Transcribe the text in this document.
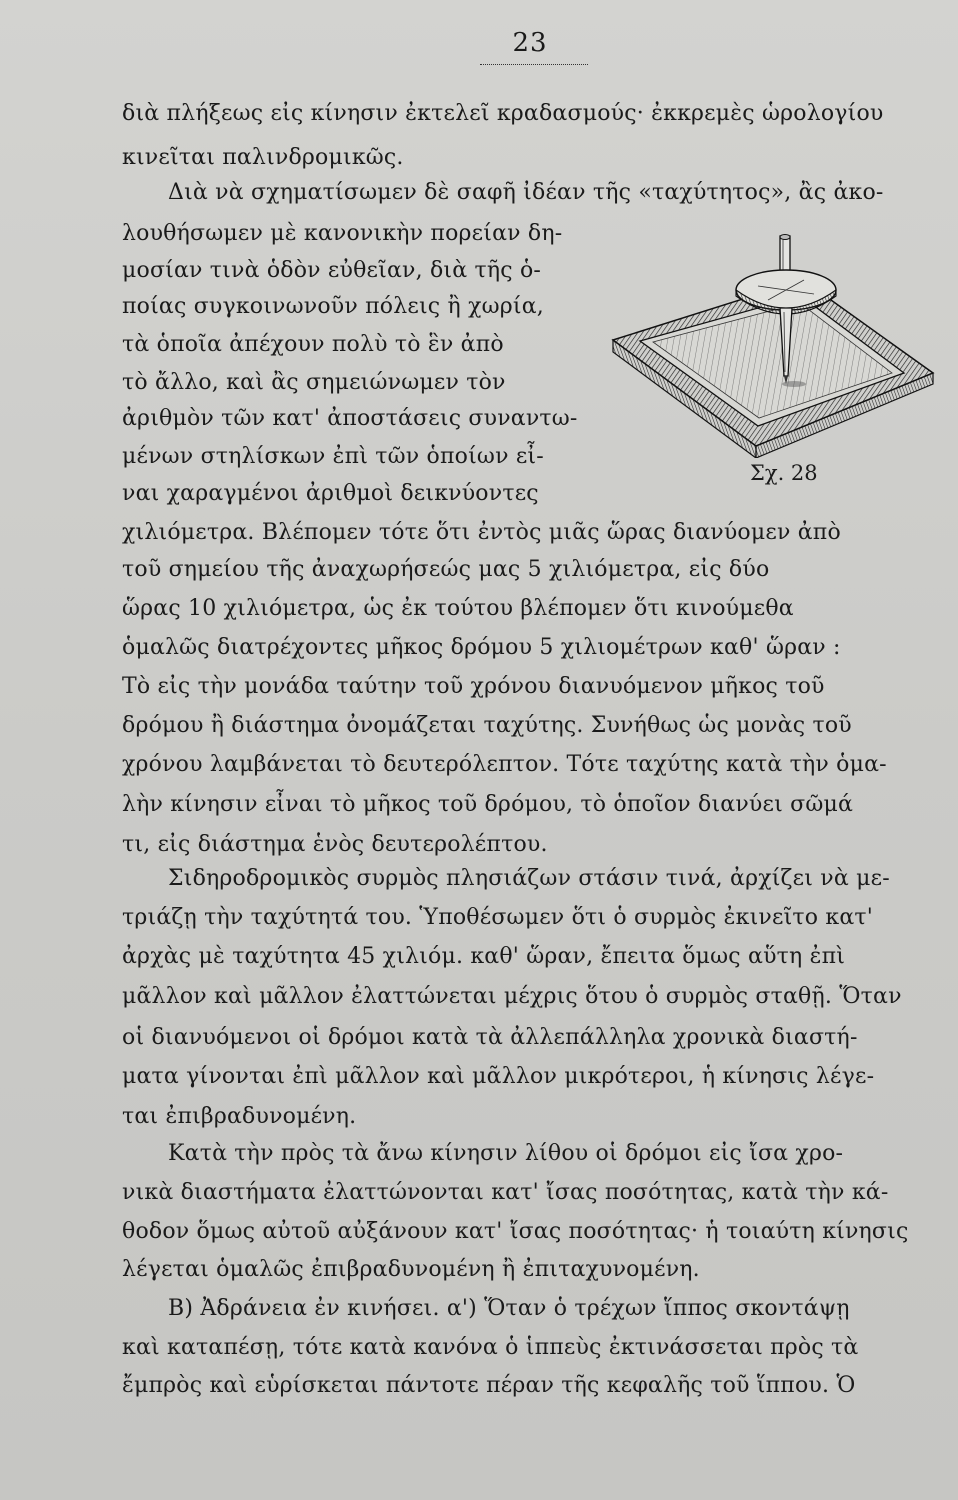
23
Σχ. 28
διὰ πλήξεως εἰς κίνησιν ἐκτελεῖ κραδασμούς· ἐκκρεμὲς ὡρολογίου
κινεῖται παλινδρομικῶς.
Διὰ νὰ σχηματίσωμεν δὲ σαφῆ ἰδέαν τῆς «ταχύτητος», ἂς ἀκο-
λουθήσωμεν μὲ κανονικὴν πορείαν δη-
μοσίαν τινὰ ὁδὸν εὐθεῖαν, διὰ τῆς ὁ-
ποίας συγκοινωνοῦν πόλεις ἢ χωρία,
τὰ ὁποῖα ἀπέχουν πολὺ τὸ ἓν ἀπὸ
τὸ ἄλλο, καὶ ἂς σημειώνωμεν τὸν
ἀριθμὸν τῶν κατ' ἀποστάσεις συναντω-
μένων στηλίσκων ἐπὶ τῶν ὁποίων εἶ-
ναι χαραγμένοι ἀριθμοὶ δεικνύοντες
χιλιόμετρα. Βλέπομεν τότε ὅτι ἐντὸς μιᾶς ὥρας διανύομεν ἀπὸ
τοῦ σημείου τῆς ἀναχωρήσεώς μας 5 χιλιόμετρα, εἰς δύο
ὥρας 10 χιλιόμετρα, ὡς ἐκ τούτου βλέπομεν ὅτι κινούμεθα
ὁμαλῶς διατρέχοντες μῆκος δρόμου 5 χιλιομέτρων καθ' ὥραν :
Τὸ εἰς τὴν μονάδα ταύτην τοῦ χρόνου διανυόμενον μῆκος τοῦ
δρόμου ἢ διάστημα ὀνομάζεται ταχύτης. Συνήθως ὡς μονὰς τοῦ
χρόνου λαμβάνεται τὸ δευτερόλεπτον. Τότε ταχύτης κατὰ τὴν ὁμα-
λὴν κίνησιν εἶναι τὸ μῆκος τοῦ δρόμου, τὸ ὁποῖον διανύει σῶμά
τι, εἰς διάστημα ἑνὸς δευτερολέπτου.
Σιδηροδρομικὸς συρμὸς πλησιάζων στάσιν τινά, ἀρχίζει νὰ με-
τριάζῃ τὴν ταχύτητά του. Ὑποθέσωμεν ὅτι ὁ συρμὸς ἐκινεῖτο κατ'
ἀρχὰς μὲ ταχύτητα 45 χιλιόμ. καθ' ὥραν, ἔπειτα ὅμως αὕτη ἐπὶ
μᾶλλον καὶ μᾶλλον ἐλαττώνεται μέχρις ὅτου ὁ συρμὸς σταθῇ. Ὅταν
οἱ διανυόμενοι οἱ δρόμοι κατὰ τὰ ἀλλεπάλληλα χρονικὰ διαστή-
ματα γίνονται ἐπὶ μᾶλλον καὶ μᾶλλον μικρότεροι, ἡ κίνησις λέγε-
ται ἐπιβραδυνομένη.
Κατὰ τὴν πρὸς τὰ ἄνω κίνησιν λίθου οἱ δρόμοι εἰς ἴσα χρο-
νικὰ διαστήματα ἐλαττώνονται κατ' ἴσας ποσότητας, κατὰ τὴν κά-
θοδον ὅμως αὐτοῦ αὐξάνουν κατ' ἴσας ποσότητας· ἡ τοιαύτη κίνησις
λέγεται ὁμαλῶς ἐπιβραδυνομένη ἢ ἐπιταχυνομένη.
Β) Ἀδράνεια ἐν κινήσει. α') Ὅταν ὁ τρέχων ἵππος σκοντάψῃ
καὶ καταπέσῃ, τότε κατὰ κανόνα ὁ ἱππεὺς ἐκτινάσσεται πρὸς τὰ
ἔμπρὸς καὶ εὑρίσκεται πάντοτε πέραν τῆς κεφαλῆς τοῦ ἵππου. Ὁ
